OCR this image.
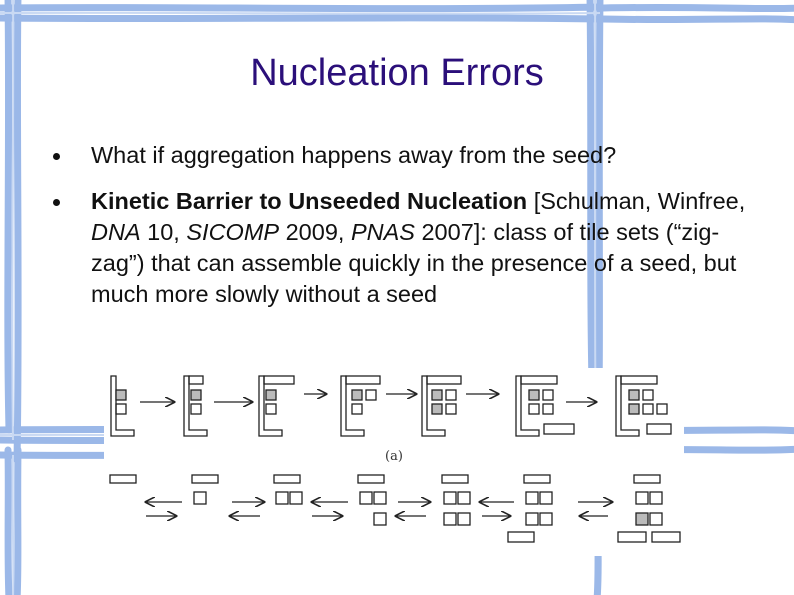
Nucleation Errors
What if aggregation happens away from the seed?
Kinetic Barrier to Unseeded Nucleation [Schulman, Winfree, DNA 10, SICOMP 2009, PNAS 2007]: class of tile sets (“zig-zag”) that can assemble quickly in the presence of a seed, but much more slowly without a seed
(a)
